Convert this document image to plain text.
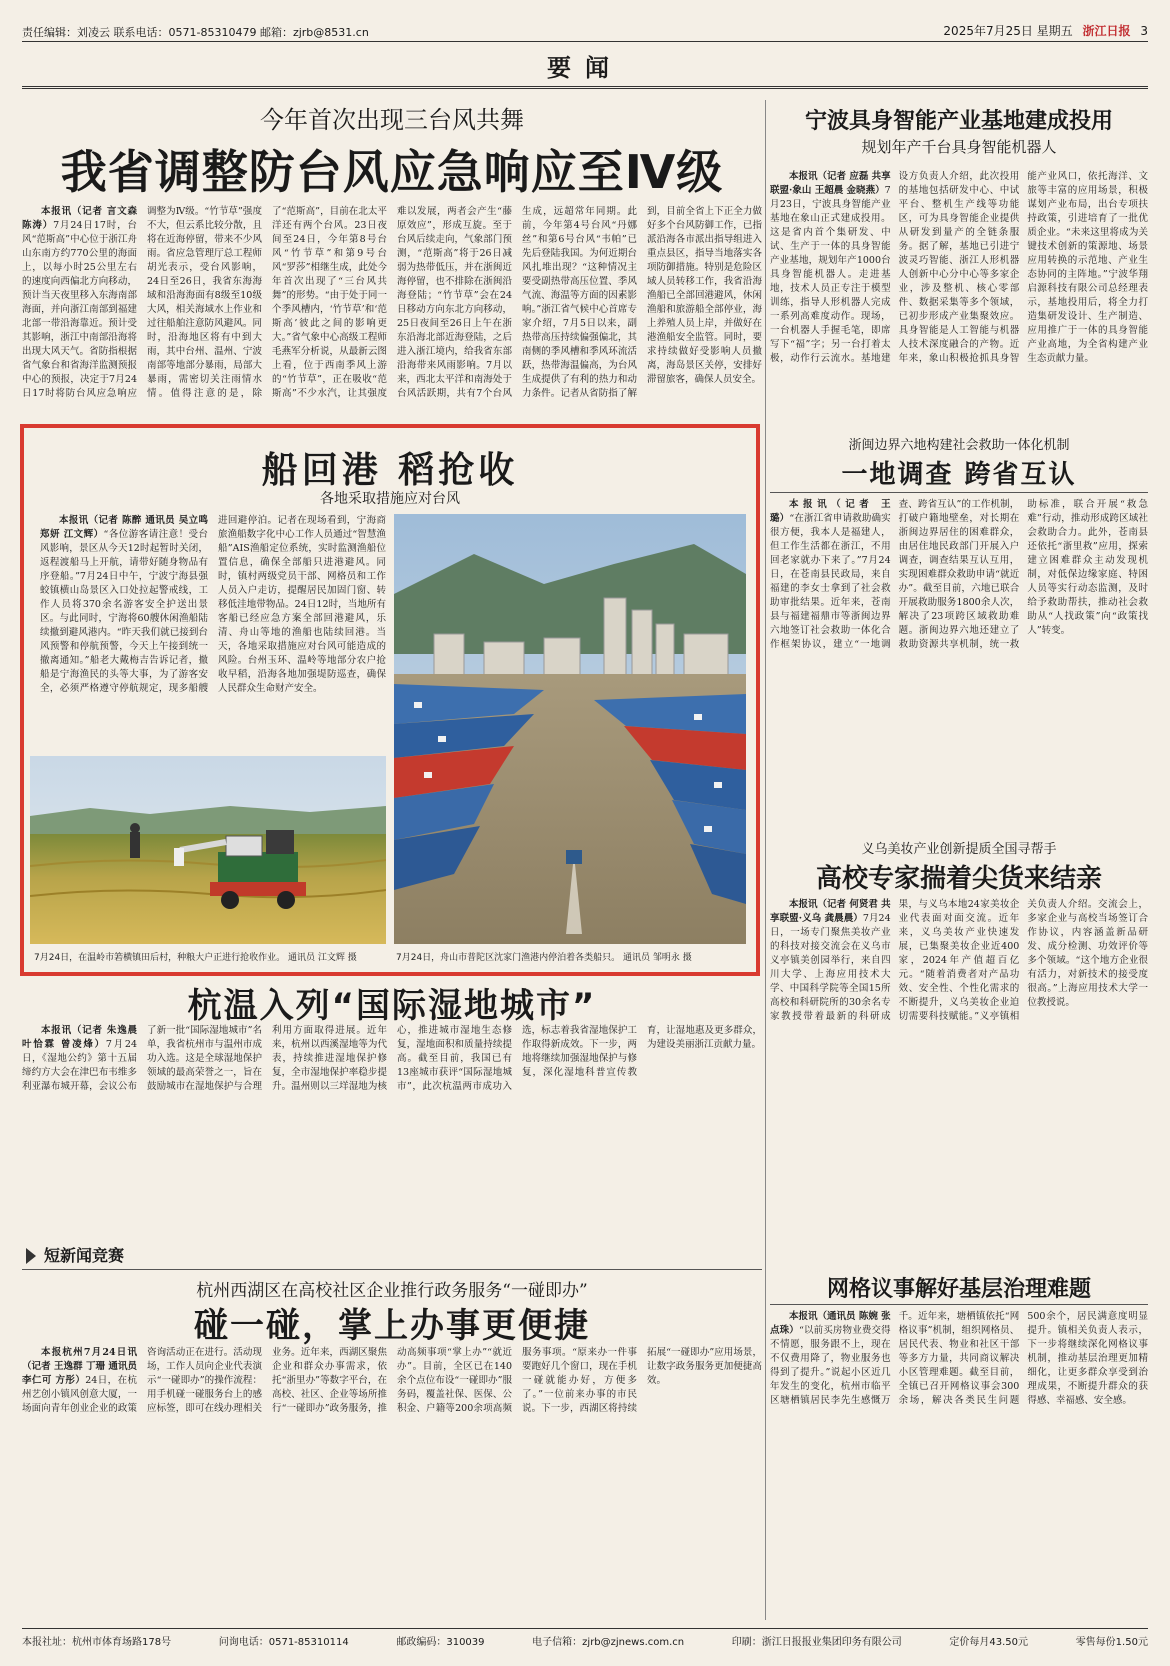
责任编辑：刘凌云 联系电话：0571-85310479 邮箱：zjrb@8531.cn	2025年7月25日 星期五 浙江日报 3
要闻
今年首次出现三台风共舞
我省调整防台风应急响应至Ⅳ级

本报讯（记者 言文森 陈涛）7月24日17时，台风“范斯高”中心位于浙江舟山东南方约770公里的海面上，以每小时25公里左右的速度向西偏北方向移动，预计当天夜里移入东海南部海面，并向浙江南部到福建北部一带沿海靠近。预计受其影响，浙江中南部沿海将出现大风天气。省防指根据省气象台和省海洋监测预报中心的预报，决定于7月24日17时将防台风应急响应调整为Ⅳ级。“竹节草”强度不大，但云系比较分散，且将在近海停留，带来不少风雨。省应急管理厅总工程师胡光表示，受台风影响，24日至26日，我省东海海域和沿海海面有8级至10级大风，相关海域水上作业和过往船舶注意防风避风。同时，沿海地区将有中到大雨，其中台州、温州、宁波南部等地部分暴雨，局部大暴雨，需密切关注雨情水情。值得注意的是，除了“范斯高”，目前在北太平洋还有两个台风。23日夜间至24日，今年第8号台风“竹节草”和第9号台风“罗莎”相继生成，此处今年首次出现了“三台风共舞”的形势。“由于处于同一个季风槽内，‘竹节草’和‘范斯高’彼此之间的影响更大。”省气象中心高级工程师毛燕军分析说，从最新云图上看，位于西南季风上游的“竹节草”，正在吸收“范斯高”不少水汽，让其强度难以发展，两者会产生“藤原效应”，形成互旋。至于台风后续走向，气象部门预测，“范斯高”将于26日减弱为热带低压，并在浙闽近海停留，也不排除在浙闽沿海登陆；“竹节草”会在24日移动方向东北方向移动，25日夜间至26日上午在浙东沿海北部近海登陆，之后进入浙江境内，给我省东部沿海带来风雨影响。7月以来，西北太平洋和南海处于台风活跃期，共有7个台风生成，远超常年同期。此前，今年第4号台风“丹娜丝”和第6号台风“韦帕”已先后登陆我国。为何近期台风扎堆出现？“这种情况主要受副热带高压位置、季风气流、海温等方面的因素影响。”浙江省气候中心首席专家介绍，7月5日以来，副热带高压持续偏强偏北，其南侧的季风槽和季风环流活跃，热带海温偏高，为台风生成提供了有利的热力和动力条件。记者从省防指了解到，目前全省上下正全力做好多个台风防御工作，已指派沿海各市派出指导组进入重点县区，指导当地落实各项防御措施。特别是危险区域人员转移工作，我省沿海渔船已全部回港避风，休闲渔船和旅游船全部停业，海上养殖人员上岸，并做好在港渔船安全监管。同时，要求持续做好受影响人员撤离，海岛景区关停，安排好滞留旅客，确保人员安全。

宁波具身智能产业基地建成投用
规划年产千台具身智能机器人

本报讯（记者 应磊 共享联盟·象山 王超晨 金晓燕）7月23日，宁波具身智能产业基地在象山正式建成投用。这是省内首个集研发、中试、生产于一体的具身智能产业基地，规划年产1000台具身智能机器人。走进基地，技术人员正专注于模型训练，指导人形机器人完成一系列高难度动作。现场，一台机器人手握毛笔，即席写下“福”字；另一台打着太极，动作行云流水。基地建设方负责人介绍，此次投用的基地包括研发中心、中试平台、整机生产线等功能区，可为具身智能企业提供从研发到量产的全链条服务。据了解，基地已引进宁波灵巧智能、浙江人形机器人创新中心分中心等多家企业，涉及整机、核心零部件、数据采集等多个领域，已初步形成产业集聚效应。具身智能是人工智能与机器人技术深度融合的产物。近年来，象山积极抢抓具身智能产业风口，依托海洋、文旅等丰富的应用场景，积极谋划产业布局，出台专项扶持政策，引进培育了一批优质企业。“未来这里将成为关键技术创新的策源地、场景应用转换的示范地、产业生态协同的主阵地。”宁波华翔启源科技有限公司总经理表示，基地投用后，将全力打造集研发设计、生产制造、应用推广于一体的具身智能产业高地，为全省构建产业生态贡献力量。

船回港 稻抢收
各地采取措施应对台风

本报讯（记者 陈醉 通讯员 吴立鸣 郑妍 江文辉）“各位游客请注意！受台风影响，景区从今天12时起暂时关闭，返程渡船马上开航，请带好随身物品有序登船。”7月24日中午，宁波宁海县强蛟镇横山岛景区入口处拉起警戒线，工作人员将370余名游客安全护送出景区。与此同时，宁海将60艘休闲渔船陆续撤到避风港内。“昨天我们就已接到台风预警和停航预警，今天上午接到统一撤离通知。”船老大戴梅吉告诉记者，撤船是宁海渔民的头等大事，为了游客安全，必须严格遵守停航规定，现多船艘进回避停泊。记者在现场看到，宁海商旅渔船数字化中心工作人员通过“智慧渔船”AIS渔船定位系统，实时监测渔船位置信息，确保全部船只进港避风。同时，镇村两级党员干部、网格员和工作人员入户走访，提醒居民加固门窗、转移低洼地带物品。24日12时，当地所有客船已经应急方案全部回港避风，乐清、舟山等地的渔船也陆续回港。当天，各地采取措施应对台风可能造成的风险。台州玉环、温岭等地部分农户抢收早稻，沿海各地加强堤防巡查，确保人民群众生命财产安全。

7月24日，在温岭市箬横镇田后村，种粮大户正进行抢收作业。 通讯员 江文辉 摄	7月24日，舟山市普陀区沈家门渔港内停泊着各类船只。 通讯员 邹明永 摄
浙闽边界六地构建社会救助一体化机制
一地调查 跨省互认

本报讯（记者 王璐）“在浙江省申请救助确实很方便，我本人是福建人，但工作生活都在浙江，不用回老家就办下来了。”7月24日，在苍南县民政局，来自福建的李女士拿到了社会救助审批结果。近年来，苍南县与福建福鼎市等浙闽边界六地签订社会救助一体化合作框架协议，建立“一地调查、跨省互认”的工作机制，打破户籍地壁垒，对长期在浙闽边界居住的困难群众，由居住地民政部门开展入户调查，调查结果互认互用，实现困难群众救助申请“就近办”。截至目前，六地已联合开展救助服务1800余人次，解决了23项跨区域救助难题。浙闽边界六地还建立了救助资源共享机制，统一救助标准，联合开展“救急难”行动，推动形成跨区域社会救助合力。此外，苍南县还依托“浙里救”应用，探索建立困难群众主动发现机制，对低保边缘家庭、特困人员等实行动态监测，及时给予救助帮扶，推动社会救助从“人找政策”向“政策找人”转变。

义乌美妆产业创新提质全国寻帮手
高校专家揣着尖货来结亲

本报讯（记者 何贤君 共享联盟·义乌 龚晨晨）7月24日，一场专门聚焦美妆产业的科技对接交流会在义乌市义亭镇美创园举行，来自四川大学、上海应用技术大学、中国科学院等全国15所高校和科研院所的30余名专家教授带着最新的科研成果，与义乌本地24家美妆企业代表面对面交流。近年来，义乌美妆产业快速发展，已集聚美妆企业近400家，2024年产值超百亿元。“随着消费者对产品功效、安全性、个性化需求的不断提升，义乌美妆企业迫切需要科技赋能。”义亭镇相关负责人介绍。交流会上，多家企业与高校当场签订合作协议，内容涵盖新品研发、成分检测、功效评价等多个领域。“这个地方企业很有活力，对新技术的接受度很高。”上海应用技术大学一位教授说。

杭温入列“国际湿地城市”

本报讯（记者 朱逸晨 叶恰霖 曾凌烽）7月24日，《湿地公约》第十五届缔约方大会在津巴布韦维多利亚瀑布城开幕，会议公布了新一批“国际湿地城市”名单，我省杭州市与温州市成功入选。这是全球湿地保护领域的最高荣誉之一，旨在鼓励城市在湿地保护与合理利用方面取得进展。近年来，杭州以西溪湿地等为代表，持续推进湿地保护修复，全市湿地保护率稳步提升。温州则以三垟湿地为核心，推进城市湿地生态修复，湿地面积和质量持续提高。截至目前，我国已有13座城市获评“国际湿地城市”，此次杭温两市成功入选，标志着我省湿地保护工作取得新成效。下一步，两地将继续加强湿地保护与修复，深化湿地科普宣传教育，让湿地惠及更多群众，为建设美丽浙江贡献力量。

短新闻竞赛
杭州西湖区在高校社区企业推行政务服务“一碰即办”
碰一碰，掌上办事更便捷

本报杭州7月24日讯（记者 王逸群 丁珊 通讯员 李仁可 方彤）24日，在杭州艺创小镇风创意大厦，一场面向青年创业企业的政策咨询活动正在进行。活动现场，工作人员向企业代表演示“一碰即办”的操作流程：用手机碰一碰服务台上的感应标签，即可在线办理相关业务。近年来，西湖区聚焦企业和群众办事需求，依托“浙里办”等数字平台，在高校、社区、企业等场所推行“一碰即办”政务服务，推动高频事项“掌上办”“就近办”。目前，全区已在140余个点位布设“一碰即办”服务码，覆盖社保、医保、公积金、户籍等200余项高频服务事项。“原来办一件事要跑好几个窗口，现在手机一碰就能办好，方便多了。”一位前来办事的市民说。下一步，西湖区将持续拓展“一碰即办”应用场景，让数字政务服务更加便捷高效。

网格议事解好基层治理难题

本报讯（通讯员 陈婉 张点珠）“以前买房物业费交得不情愿，服务跟不上，现在不仅费用降了，物业服务也得到了提升。”说起小区近几年发生的变化，杭州市临平区塘栖镇居民李先生感慨万千。近年来，塘栖镇依托“网格议事”机制，组织网格员、居民代表、物业和社区干部等多方力量，共同商议解决小区管理难题。截至目前，全镇已召开网格议事会300余场，解决各类民生问题500余个，居民满意度明显提升。镇相关负责人表示，下一步将继续深化网格议事机制，推动基层治理更加精细化，让更多群众享受到治理成果，不断提升群众的获得感、幸福感、安全感。

本报社址：杭州市体育场路178号	问询电话：0571-85310114	邮政编码：310039	电子信箱：zjrb@zjnews.com.cn	印刷：浙江日报报业集团印务有限公司	定价每月43.50元	零售每份1.50元
